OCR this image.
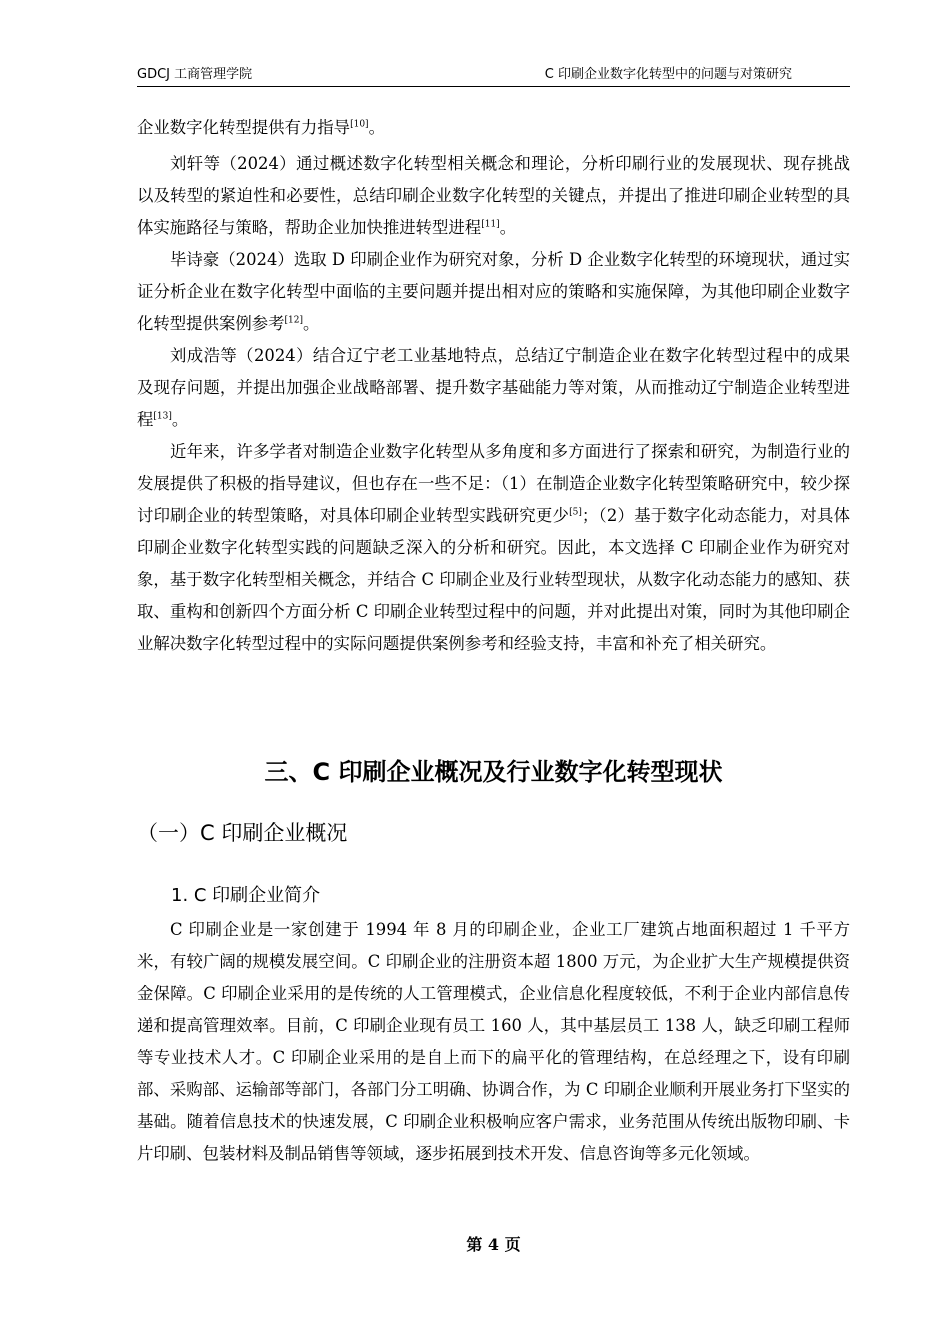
GDCJ 工商管理学院	C 印刷企业数字化转型中的问题与对策研究

企业数字化转型提供有力指导[10]。

刘轩等（2024）通过概述数字化转型相关概念和理论，分析印刷行业的发展现状、现存挑战以及转型的紧迫性和必要性，总结印刷企业数字化转型的关键点，并提出了推进印刷企业转型的具体实施路径与策略，帮助企业加快推进转型进程[11]。

毕诗豪（2024）选取 D 印刷企业作为研究对象，分析 D 企业数字化转型的环境现状，通过实证分析企业在数字化转型中面临的主要问题并提出相对应的策略和实施保障，为其他印刷企业数字化转型提供案例参考[12]。

刘成浩等（2024）结合辽宁老工业基地特点，总结辽宁制造企业在数字化转型过程中的成果及现存问题，并提出加强企业战略部署、提升数字基础能力等对策，从而推动辽宁制造企业转型进程[13]。

近年来，许多学者对制造企业数字化转型从多角度和多方面进行了探索和研究，为制造行业的发展提供了积极的指导建议，但也存在一些不足：（1）在制造企业数字化转型策略研究中，较少探讨印刷企业的转型策略，对具体印刷企业转型实践研究更少[5]；（2）基于数字化动态能力，对具体印刷企业数字化转型实践的问题缺乏深入的分析和研究。因此，本文选择 C 印刷企业作为研究对象，基于数字化转型相关概念，并结合 C 印刷企业及行业转型现状，从数字化动态能力的感知、获取、重构和创新四个方面分析 C 印刷企业转型过程中的问题，并对此提出对策，同时为其他印刷企业解决数字化转型过程中的实际问题提供案例参考和经验支持，丰富和补充了相关研究。

三、C 印刷企业概况及行业数字化转型现状
（一）C 印刷企业概况
1. C 印刷企业简介

C 印刷企业是一家创建于 1994 年 8 月的印刷企业，企业工厂建筑占地面积超过 1 千平方米，有较广阔的规模发展空间。C 印刷企业的注册资本超 1800 万元，为企业扩大生产规模提供资金保障。C 印刷企业采用的是传统的人工管理模式，企业信息化程度较低，不利于企业内部信息传递和提高管理效率。目前，C 印刷企业现有员工 160 人，其中基层员工 138 人，缺乏印刷工程师等专业技术人才。C 印刷企业采用的是自上而下的扁平化的管理结构，在总经理之下，设有印刷部、采购部、运输部等部门，各部门分工明确、协调合作，为 C 印刷企业顺利开展业务打下坚实的基础。随着信息技术的快速发展，C 印刷企业积极响应客户需求，业务范围从传统出版物印刷、卡片印刷、包装材料及制品销售等领域，逐步拓展到技术开发、信息咨询等多元化领域。

第 4 页
